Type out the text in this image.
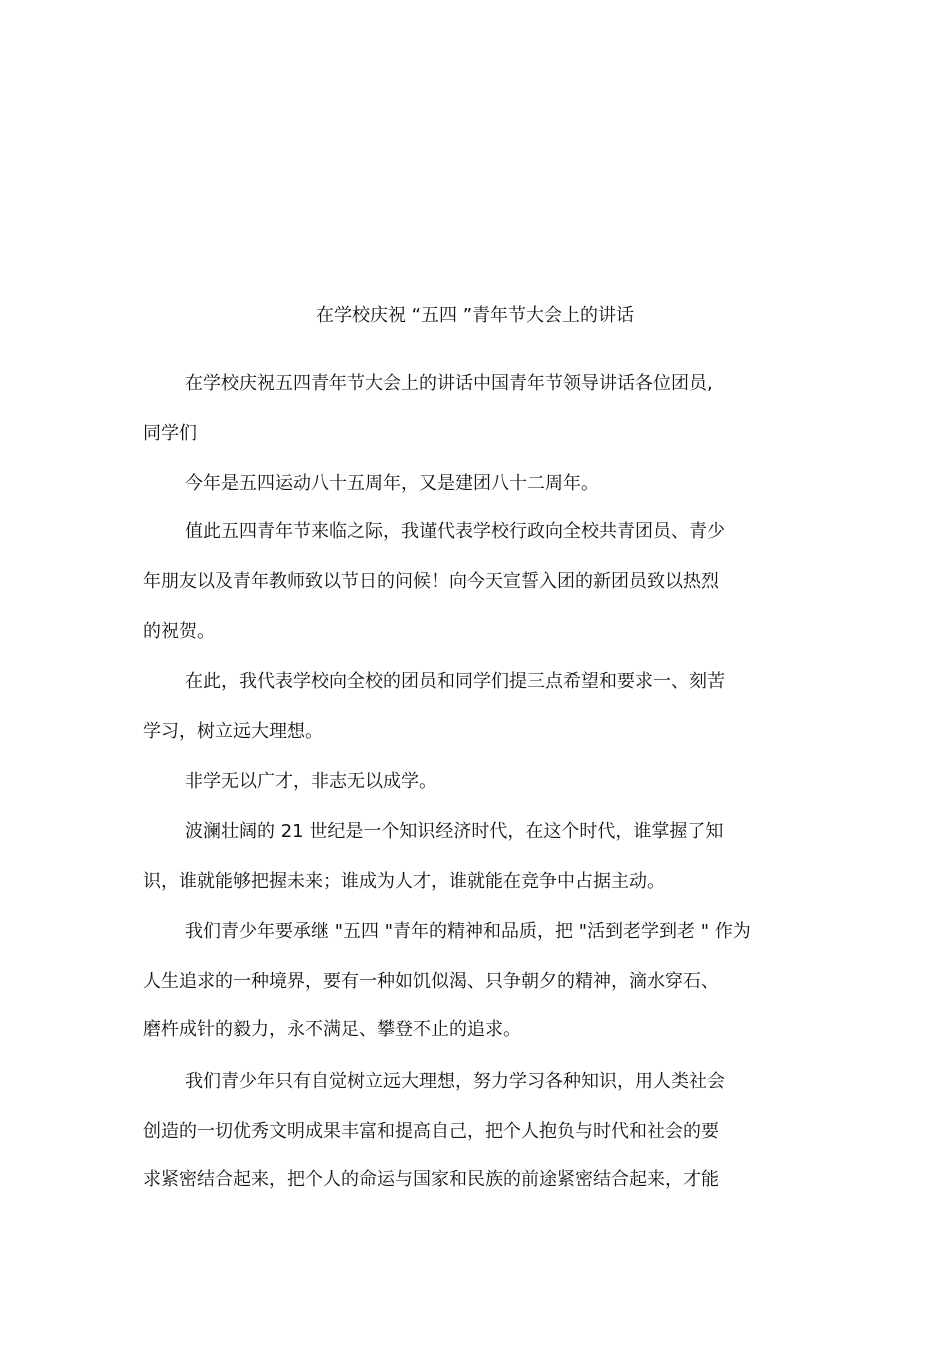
在学校庆祝 “五四 ”青年节大会上的讲话

在学校庆祝五四青年节大会上的讲话中国青年节领导讲话各位团员,

同学们

今年是五四运动八十五周年，又是建团八十二周年。

值此五四青年节来临之际，我谨代表学校行政向全校共青团员、青少

年朋友以及青年教师致以节日的问候！向今天宣誓入团的新团员致以热烈

的祝贺。

在此，我代表学校向全校的团员和同学们提三点希望和要求一、刻苦

学习，树立远大理想。

非学无以广才，非志无以成学。

波澜壮阔的 21 世纪是一个知识经济时代，在这个时代，谁掌握了知

识，谁就能够把握未来；谁成为人才，谁就能在竞争中占据主动。

我们青少年要承继 "五四 "青年的精神和品质，把 "活到老学到老 " 作为

人生追求的一种境界，要有一种如饥似渴、只争朝夕的精神，滴水穿石、

磨杵成针的毅力，永不满足、攀登不止的追求。

我们青少年只有自觉树立远大理想，努力学习各种知识，用人类社会

创造的一切优秀文明成果丰富和提高自己，把个人抱负与时代和社会的要

求紧密结合起来，把个人的命运与国家和民族的前途紧密结合起来，才能
